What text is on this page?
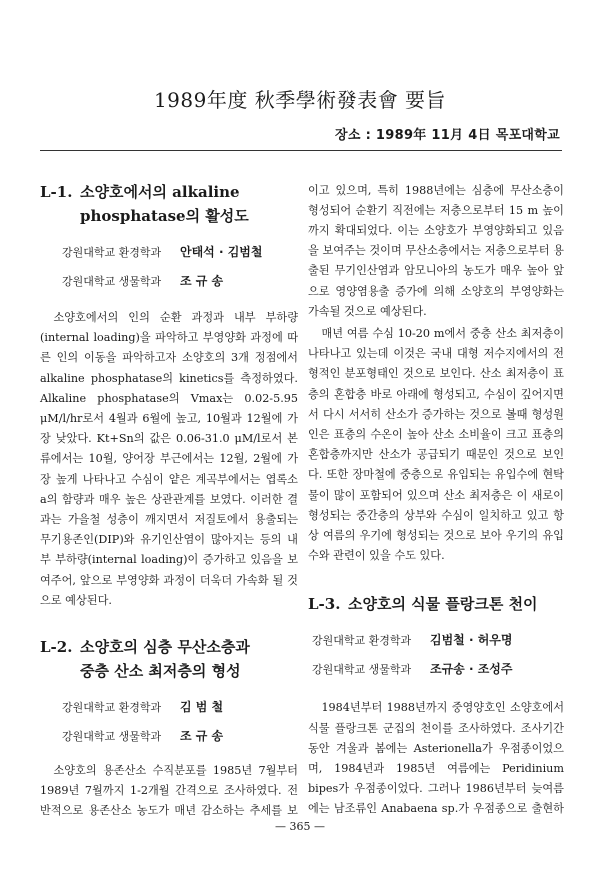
1989年度 秋季學術發表會 要旨
장소 : 1989年 11月 4日 목포대학교
L-1. 소양호에서의 alkaline
phosphatase의 활성도
강원대학교 환경학과 안태석 · 김범철
강원대학교 생물학과 조 규 송

소양호에서의 인의 순환 과정과 내부 부하량(internal loading)을 파악하고 부영양화 과정에 따른 인의 이동을 파악하고자 소양호의 3개 정점에서 alkaline phosphatase의 kinetics를 측정하였다. Alkaline phosphatase의 Vmax는 0.02-5.95 μM/l/hr로서 4월과 6월에 높고, 10월과 12월에 가장 낮았다. Kt+Sn의 값은 0.06-31.0 μM/l로서 본류에서는 10월, 양어장 부근에서는 12월, 2월에 가장 높게 나타나고 수심이 얕은 계곡부에서는 엽록소 a의 함량과 매우 높은 상관관계를 보였다. 이러한 결과는 가을철 성층이 깨지면서 저질토에서 용출되는 무기용존인(DIP)와 유기인산염이 많아지는 등의 내부 부하량(internal loading)이 증가하고 있음을 보여주어, 앞으로 부영양화 과정이 더욱더 가속화 될 것으로 예상된다.

L-2. 소양호의 심층 무산소층과
중층 산소 최저층의 형성
강원대학교 환경학과 김 범 철
강원대학교 생물학과 조 규 송

소양호의 용존산소 수직분포를 1985년 7월부터 1989년 7월까지 1-2개월 간격으로 조사하였다. 전반적으로 용존산소 농도가 매년 감소하는 추세를 보

이고 있으며, 특히 1988년에는 심층에 무산소층이 형성되어 순환기 직전에는 저층으로부터 15 m 높이까지 확대되었다. 이는 소양호가 부영양화되고 있음을 보여주는 것이며 무산소층에서는 저층으로부터 용출된 무기인산염과 암모니아의 농도가 매우 높아 앞으로 영양염용출 증가에 의해 소양호의 부영양화는 가속될 것으로 예상된다.

매년 여름 수심 10-20 m에서 중층 산소 최저층이 나타나고 있는데 이것은 국내 대형 저수지에서의 전형적인 분포형태인 것으로 보인다. 산소 최저층이 표층의 혼합층 바로 아래에 형성되고, 수심이 깊어지면서 다시 서서히 산소가 증가하는 것으로 볼때 형성원인은 표층의 수온이 높아 산소 소비율이 크고 표층의 혼합층까지만 산소가 공급되기 때문인 것으로 보인다. 또한 장마철에 중층으로 유입되는 유입수에 현탁물이 많이 포함되어 있으며 산소 최저층은 이 새로이 형성되는 중간층의 상부와 수심이 일치하고 있고 항상 여름의 우기에 형성되는 것으로 보아 우기의 유입수와 관련이 있을 수도 있다.

L-3. 소양호의 식물 플랑크톤 천이
강원대학교 환경학과 김범철 · 허우명
강원대학교 생물학과 조규송 · 조성주

1984년부터 1988년까지 중영양호인 소양호에서 식물 플랑크톤 군집의 천이를 조사하였다. 조사기간동안 겨울과 봄에는 Asterionella가 우점종이었으며, 1984년과 1985년 여름에는 Peridinium bipes가 우점종이었다. 그러나 1986년부터 늦여름에는 남조류인 Anabaena sp.가 우점종으로 출현하

— 365 —
